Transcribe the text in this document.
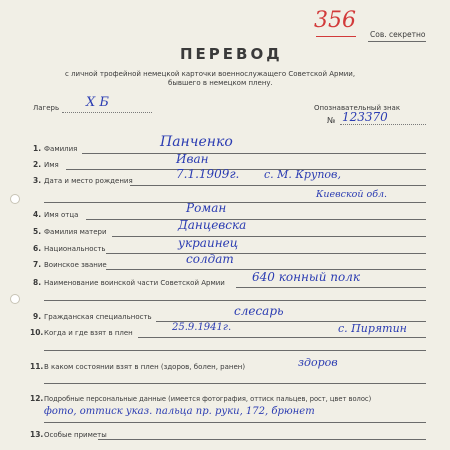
356
Сов. секретно
ПЕРЕВОД
с личной трофейной немецкой карточки военнослужащего Советской Армии,
бывшего в немецком плену.
Лагерь Х Б	Опознавательный знак
№ 123370
1. Фамилия	Панченко
2. Имя	Иван
3. Дата и место рождения	7.1.1909г. с. М. Крупов,
Киевской обл.
4. Имя отца	Роман
5. Фамилия матери	Данцевска
6. Национальность	украинец
7. Воинское звание	солдат
8. Наименование воинской части Советской Армии 640 конный полк
9. Гражданская специальность	слесарь
10. Когда и где взят в плен	25.9.1941г.	с. Пирятин
11. В каком состоянии взят в плен (здоров, болен, ранен)	здоров
12. Подробные персональные данные (имеется фотография, оттиск пальцев, рост, цвет волос)
фото, оттиск указ. пальца пр. руки, 172, брюнет
13. Особые приметы
